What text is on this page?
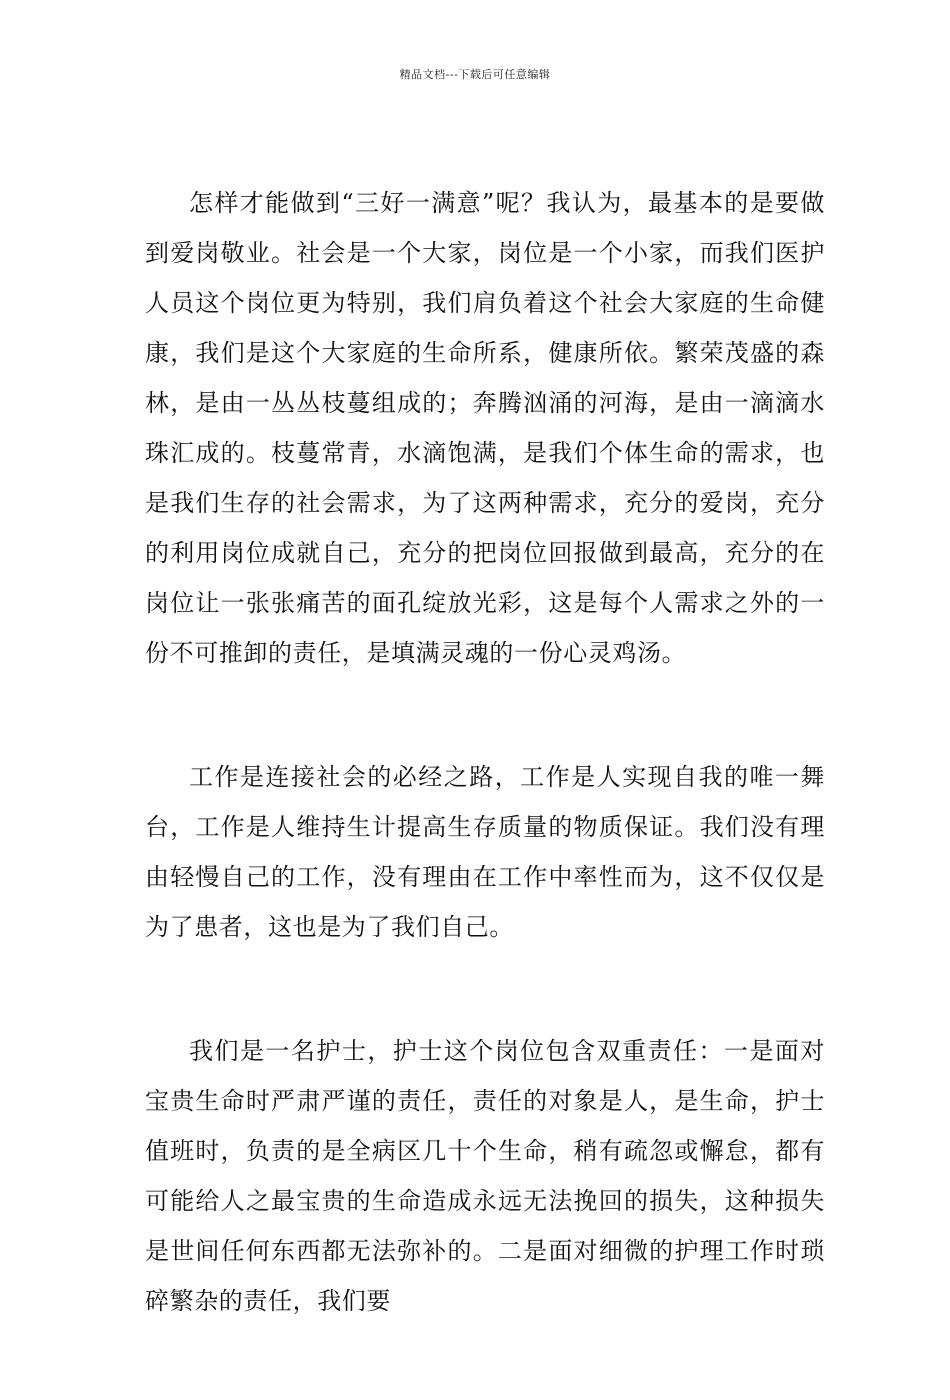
精品文档---下载后可任意编辑

怎样才能做到“三好一满意”呢？我认为，最基本的是要做到爱岗敬业。社会是一个大家，岗位是一个小家，而我们医护人员这个岗位更为特别，我们肩负着这个社会大家庭的生命健康，我们是这个大家庭的生命所系，健康所依。繁荣茂盛的森林，是由一丛丛枝蔓组成的；奔腾汹涌的河海，是由一滴滴水珠汇成的。枝蔓常青，水滴饱满，是我们个体生命的需求，也是我们生存的社会需求，为了这两种需求，充分的爱岗，充分的利用岗位成就自己，充分的把岗位回报做到最高，充分的在岗位让一张张痛苦的面孔绽放光彩，这是每个人需求之外的一份不可推卸的责任，是填满灵魂的一份心灵鸡汤。

工作是连接社会的必经之路，工作是人实现自我的唯一舞台，工作是人维持生计提高生存质量的物质保证。我们没有理由轻慢自己的工作，没有理由在工作中率性而为，这不仅仅是为了患者，这也是为了我们自己。

我们是一名护士，护士这个岗位包含双重责任：一是面对宝贵生命时严肃严谨的责任，责任的对象是人，是生命，护士值班时，负责的是全病区几十个生命，稍有疏忽或懈怠，都有可能给人之最宝贵的生命造成永远无法挽回的损失，这种损失是世间任何东西都无法弥补的。二是面对细微的护理工作时琐碎繁杂的责任，我们要
